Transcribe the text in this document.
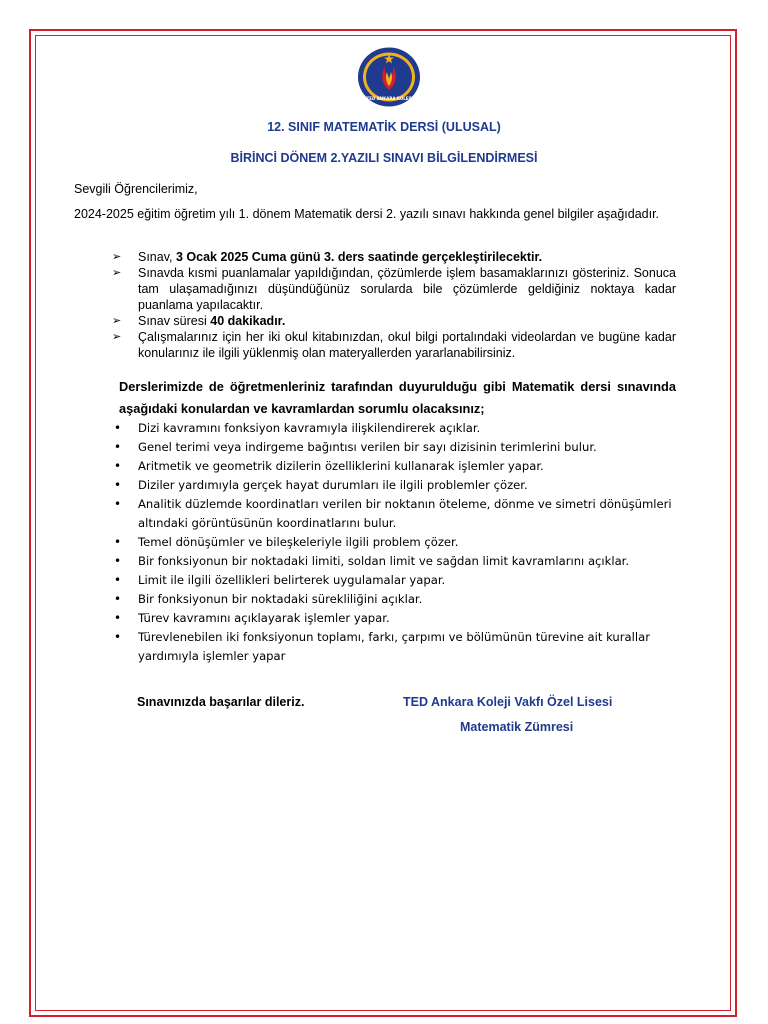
TED ANKARA KOLEJİ
12. SINIF MATEMATİK DERSİ (ULUSAL)
BİRİNCİ DÖNEM 2.YAZILI SINAVI BİLGİLENDİRMESİ
Sevgili Öğrencilerimiz,
2024-2025 eğitim öğretim yılı 1. dönem Matematik dersi 2. yazılı sınavı hakkında genel bilgiler aşağıdadır.
➢ Sınav, 3 Ocak 2025 Cuma günü 3. ders saatinde gerçekleştirilecektir.
➢ Sınavda kısmi puanlamalar yapıldığından, çözümlerde işlem basamaklarınızı gösteriniz. Sonuca tam ulaşamadığınızı düşündüğünüz sorularda bile çözümlerde geldiğiniz noktaya kadar puanlama yapılacaktır.
➢ Sınav süresi 40 dakikadır.
➢ Çalışmalarınız için her iki okul kitabınızdan, okul bilgi portalındaki videolardan ve bugüne kadar konularınız ile ilgili yüklenmiş olan materyallerden yararlanabilirsiniz.
Derslerimizde de öğretmenleriniz tarafından duyurulduğu gibi Matematik dersi sınavında aşağıdaki konulardan ve kavramlardan sorumlu olacaksınız;
• Dizi kavramını fonksiyon kavramıyla ilişkilendirerek açıklar.
• Genel terimi veya indirgeme bağıntısı verilen bir sayı dizisinin terimlerini bulur.
• Aritmetik ve geometrik dizilerin özelliklerini kullanarak işlemler yapar.
• Diziler yardımıyla gerçek hayat durumları ile ilgili problemler çözer.
• Analitik düzlemde koordinatları verilen bir noktanın öteleme, dönme ve simetri dönüşümleri altındaki görüntüsünün koordinatlarını bulur.
• Temel dönüşümler ve bileşkeleriyle ilgili problem çözer.
• Bir fonksiyonun bir noktadaki limiti, soldan limit ve sağdan limit kavramlarını açıklar.
• Limit ile ilgili özellikleri belirterek uygulamalar yapar.
• Bir fonksiyonun bir noktadaki sürekliliğini açıklar.
• Türev kavramını açıklayarak işlemler yapar.
• Türevlenebilen iki fonksiyonun toplamı, farkı, çarpımı ve bölümünün türevine ait kurallar yardımıyla işlemler yapar
Sınavınızda başarılar dileriz.	TED Ankara Koleji Vakfı Özel Lisesi
Matematik Zümresi
